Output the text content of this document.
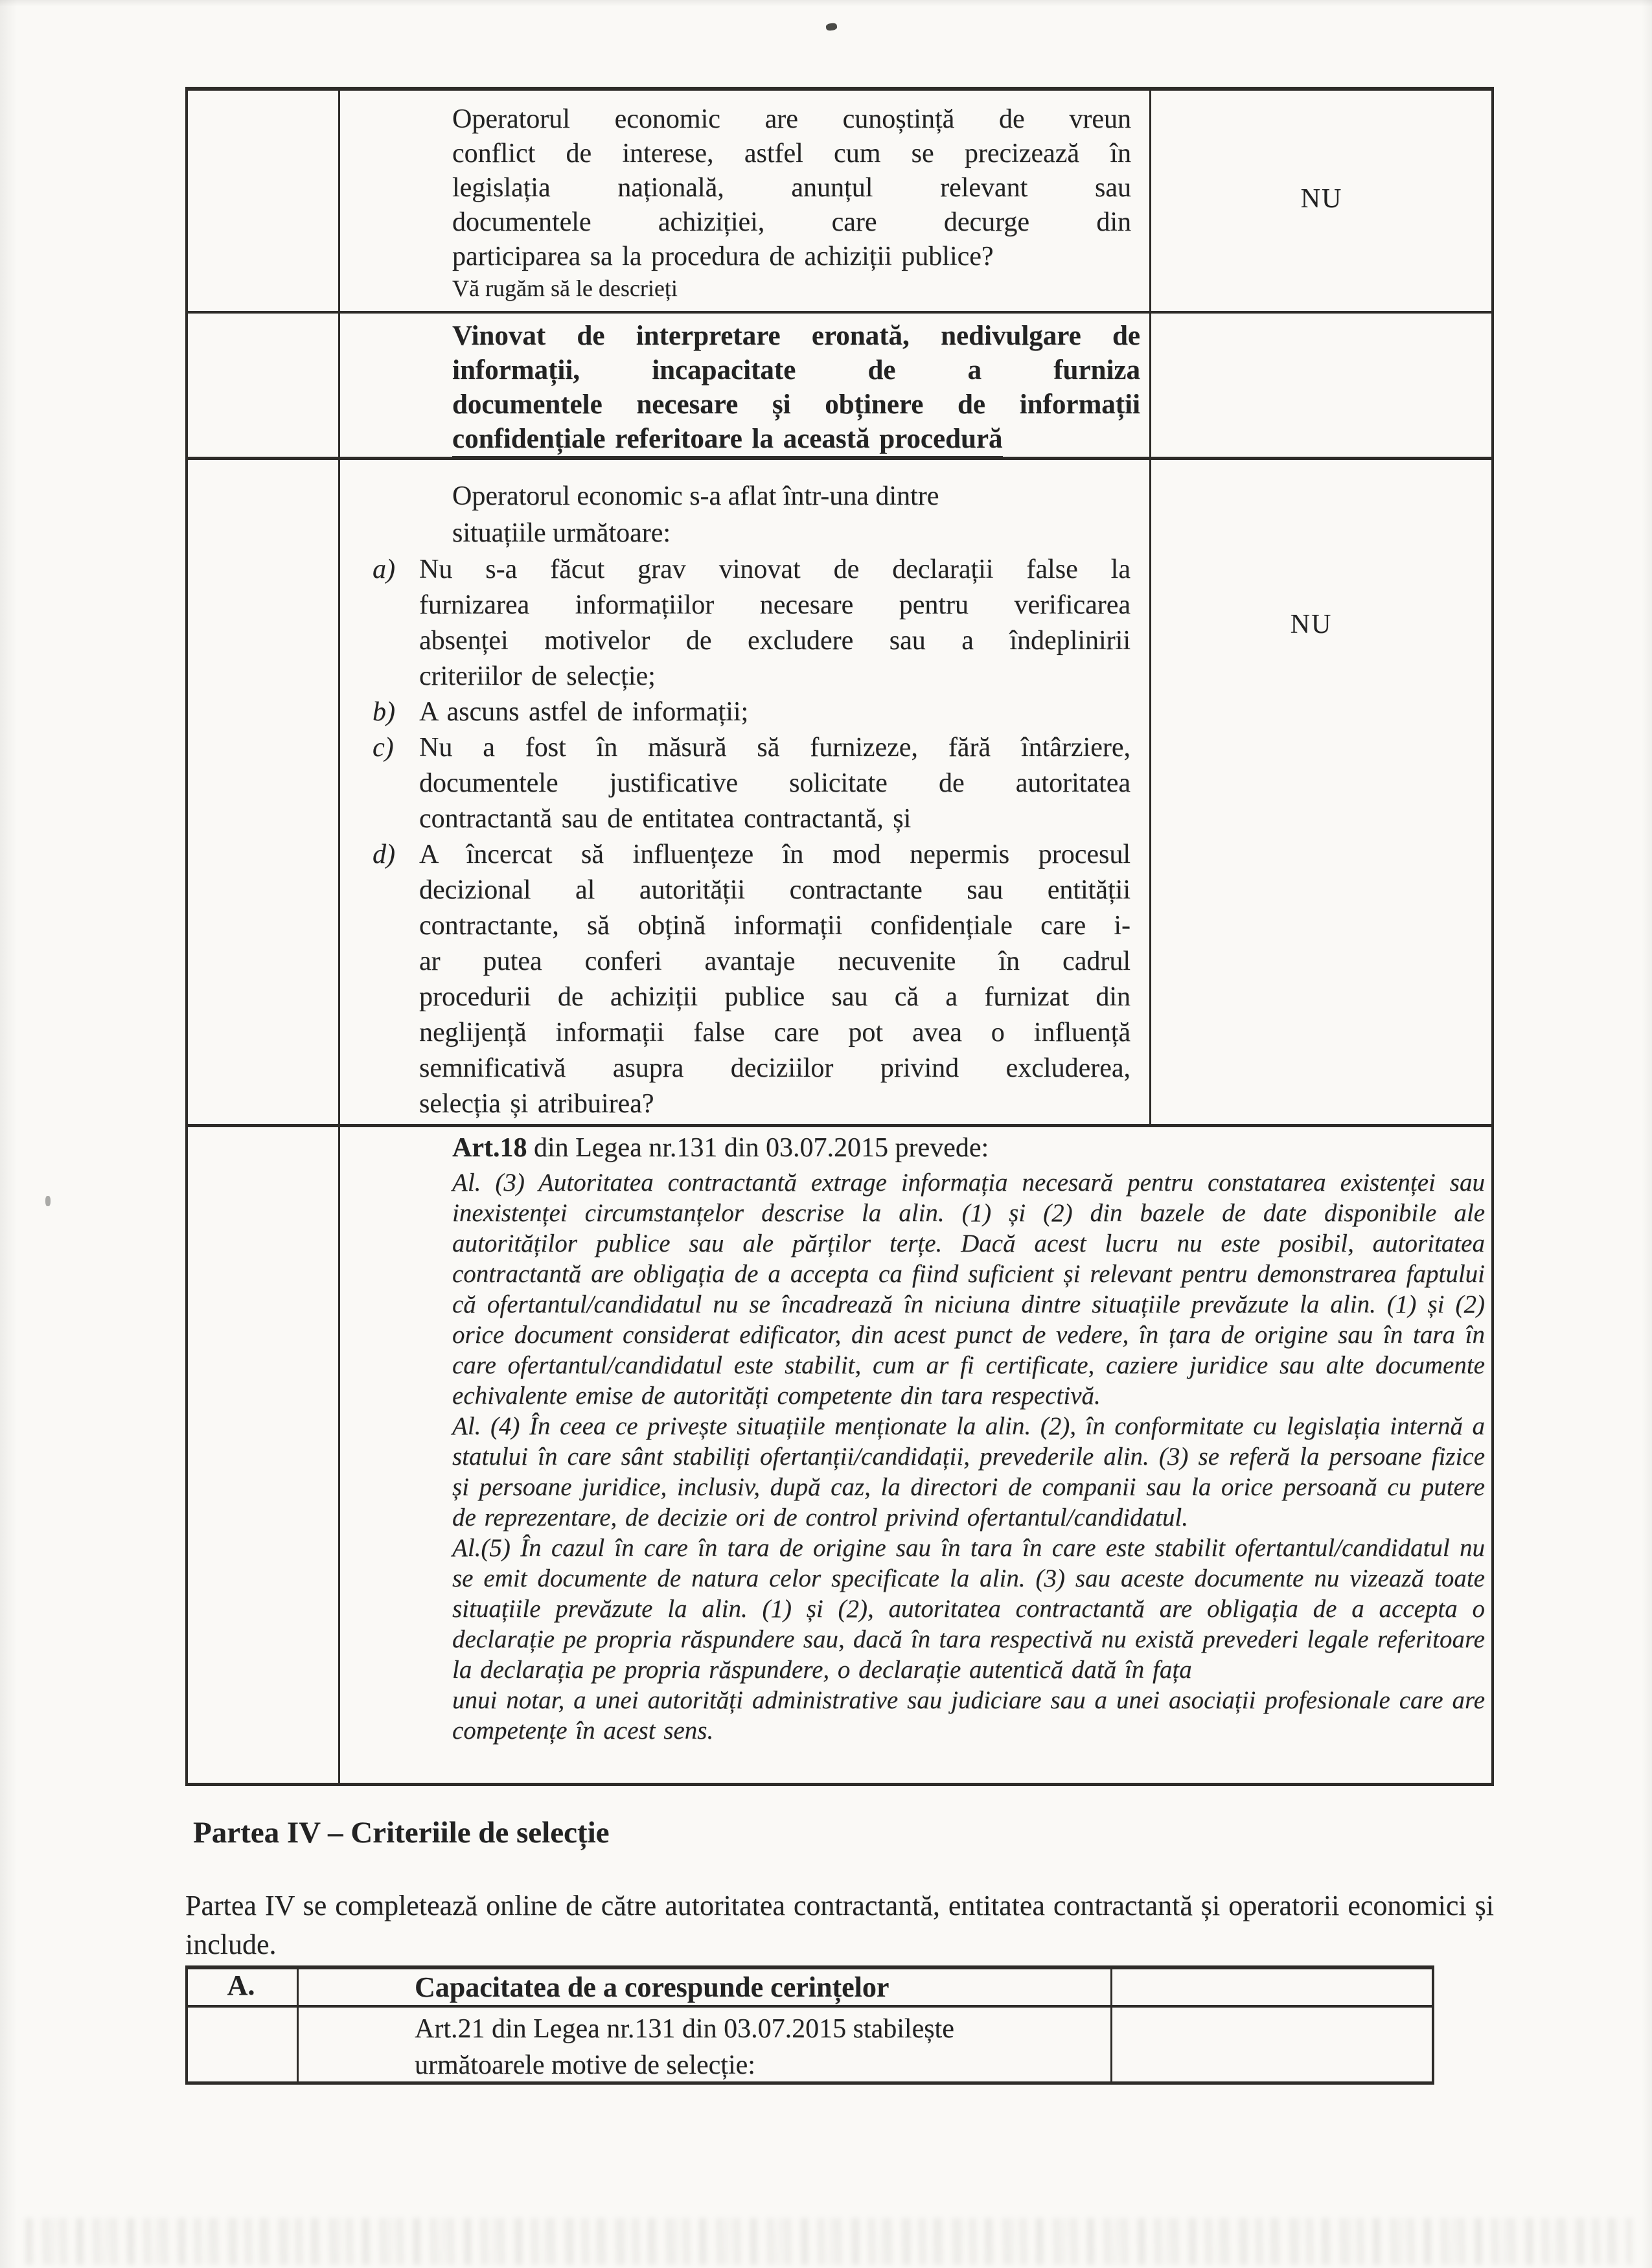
Operatorul economic are cunoștință de vreun
conflict de interese, astfel cum se precizează în
legislația națională, anunțul relevant sau
documentele achiziției, care decurge din
participarea sa la procedura de achiziții publice?
Vă rugăm să le descrieți
NU
Vinovat de interpretare eronată, nedivulgare de
informații, incapacitate de a furniza
documentele necesare și obținere de informații
confidențiale referitoare la această procedură
Operatorul economic s-a aflat într-una dintre
situațiile următoare:
a) Nu s-a făcut grav vinovat de declarații false la
furnizarea informațiilor necesare pentru verificarea
absenței motivelor de excludere sau a îndeplinirii
criteriilor de selecție;
b) A ascuns astfel de informații;
c) Nu a fost în măsură să furnizeze, fără întârziere,
documentele justificative solicitate de autoritatea
contractantă sau de entitatea contractantă, și
d) A încercat să influențeze în mod nepermis procesul
decizional al autorității contractante sau entității
contractante, să obțină informații confidențiale care i-
ar putea conferi avantaje necuvenite în cadrul
procedurii de achiziții publice sau că a furnizat din
neglijență informații false care pot avea o influență
semnificativă asupra deciziilor privind excluderea,
selecția și atribuirea?
NU
Art.18 din Legea nr.131 din 03.07.2015 prevede:

Al. (3) Autoritatea contractantă extrage informația necesară pentru constatarea existenței sau inexistenței circumstanțelor descrise la alin. (1) și (2) din bazele de date disponibile ale autorităților publice sau ale părților terțe. Dacă acest lucru nu este posibil, autoritatea contractantă are obligația de a accepta ca fiind suficient și relevant pentru demonstrarea faptului că ofertantul/candidatul nu se încadrează în niciuna dintre situațiile prevăzute la alin. (1) și (2) orice document considerat edificator, din acest punct de vedere, în țara de origine sau în tara în care ofertantul/candidatul este stabilit, cum ar fi certificate, caziere juridice sau alte documente echivalente emise de autorități competente din tara respectivă.

Al. (4) În ceea ce privește situațiile menționate la alin. (2), în conformitate cu legislația internă a statului în care sânt stabiliți ofertanții/candidații, prevederile alin. (3) se referă la persoane fizice și persoane juridice, inclusiv, după caz, la directori de companii sau la orice persoană cu putere de reprezentare, de decizie ori de control privind ofertantul/candidatul.

Al.(5) În cazul în care în tara de origine sau în tara în care este stabilit ofertantul/candidatul nu se emit documente de natura celor specificate la alin. (3) sau aceste documente nu vizează toate situațiile prevăzute la alin. (1) și (2), autoritatea contractantă are obligația de a accepta o declarație pe propria răspundere sau, dacă în tara respectivă nu există prevederi legale referitoare la declarația pe propria răspundere, o declarație autentică dată în fața

unui notar, a unei autorități administrative sau judiciare sau a unei asociații profesionale care are competențe în acest sens.

Partea IV – Criteriile de selecție
Partea IV se completează online de către autoritatea contractantă, entitatea contractantă și operatorii economici și include.
A.	Capacitatea de a corespunde cerințelor
Art.21 din Legea nr.131 din 03.07.2015 stabilește
următoarele motive de selecție:
